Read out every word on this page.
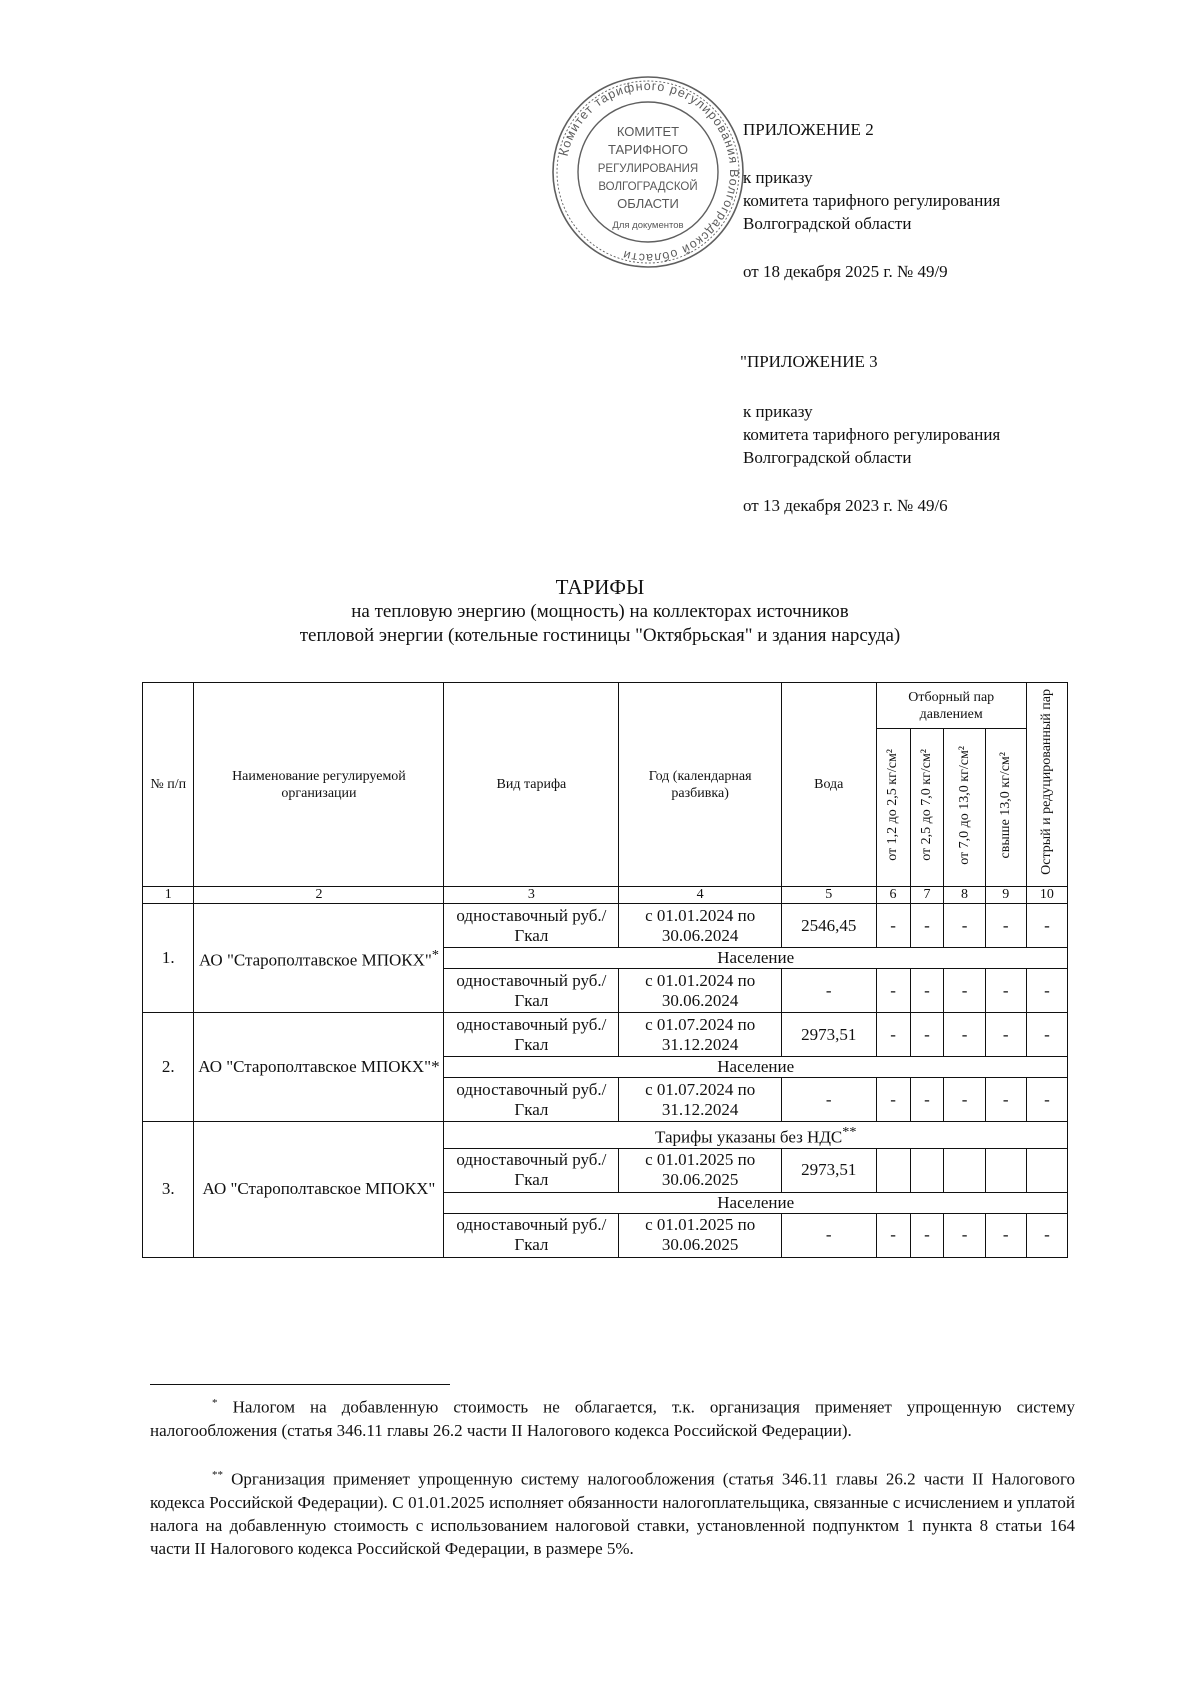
Комитет тарифного регулирования Волгоградской области
КОМИТЕТ
ТАРИФНОГО
РЕГУЛИРОВАНИЯ
ВОЛГОГРАДСКОЙ
ОБЛАСТИ
Для документов
ПРИЛОЖЕНИЕ 2
к приказу
комитета тарифного регулирования
Волгоградской области
от 18 декабря 2025 г. № 49/9
"ПРИЛОЖЕНИЕ 3
к приказу
комитета тарифного регулирования
Волгоградской области
от 13 декабря 2023 г. № 49/6
ТАРИФЫ
на тепловую энергию (мощность) на коллекторах источников
тепловой энергии (котельные гостиницы "Октябрьская" и здания нарсуда)
№ п/п	Наименование регулируемой организации	Вид тарифа	Год (календарная разбивка)	Вода	Отборный пар давлением				Острый и редуцированный пар
					от 1,2 до 2,5 кг/см²	от 2,5 до 7,0 кг/см²	от 7,0 до 13,0 кг/см²	свыше 13,0 кг/см²	
1	2	3	4	5	6	7	8	9	10
1.	АО "Старополтавское МПОКХ"*	одноставочный руб./Гкал	с 01.01.2024 по 30.06.2024	2546,45	-	-	-	-	-
		Население							
		одноставочный руб./Гкал	с 01.01.2024 по 30.06.2024	-	-	-	-	-	-
2.	АО "Старополтавское МПОКХ"*	одноставочный руб./Гкал	с 01.07.2024 по 31.12.2024	2973,51	-	-	-	-	-
		Население							
		одноставочный руб./Гкал	с 01.07.2024 по 31.12.2024	-	-	-	-	-	-
3.	АО "Старополтавское МПОКХ"	Тарифы указаны без НДС**
		одноставочный руб./Гкал	с 01.01.2025 по 30.06.2025	2973,51					
		Население							
		одноставочный руб./Гкал	с 01.01.2025 по 30.06.2025	-	-	-	-	-	-
* Налогом на добавленную стоимость не облагается, т.к. организация применяет упрощенную систему налогообложения (статья 346.11 главы 26.2 части II Налогового кодекса Российской Федерации).
** Организация применяет упрощенную систему налогообложения (статья 346.11 главы 26.2 части II Налогового кодекса Российской Федерации). С 01.01.2025 исполняет обязанности налогоплательщика, связанные с исчислением и уплатой налога на добавленную стоимость с использованием налоговой ставки, установленной подпунктом 1 пункта 8 статьи 164 части II Налогового кодекса Российской Федерации, в размере 5%.
